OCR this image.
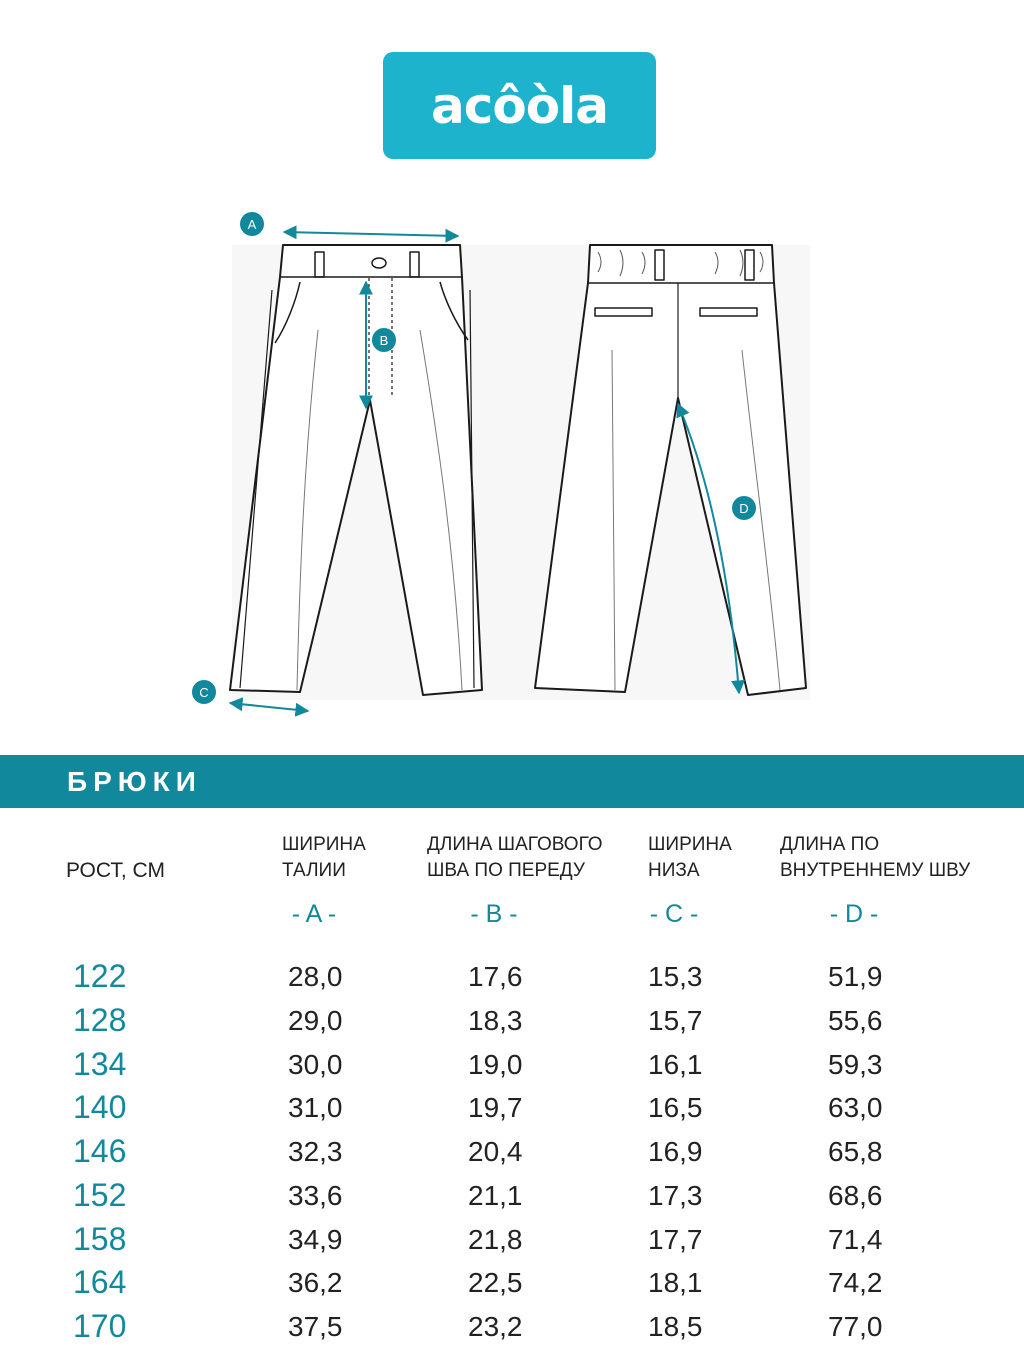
acôòla
A
B
C
D
БРЮКИ
РОСТ, СМ
ШИРИНА
ТАЛИИ
ДЛИНА ШАГОВОГО
ШВА ПО ПЕРЕДУ
ШИРИНА
НИЗА
ДЛИНА ПО
ВНУТРЕННЕМУ ШВУ
- A -	- B -	- C -	- D -
122	28,0	17,6	15,3	51,9
128	29,0	18,3	15,7	55,6
134	30,0	19,0	16,1	59,3
140	31,0	19,7	16,5	63,0
146	32,3	20,4	16,9	65,8
152	33,6	21,1	17,3	68,6
158	34,9	21,8	17,7	71,4
164	36,2	22,5	18,1	74,2
170	37,5	23,2	18,5	77,0
